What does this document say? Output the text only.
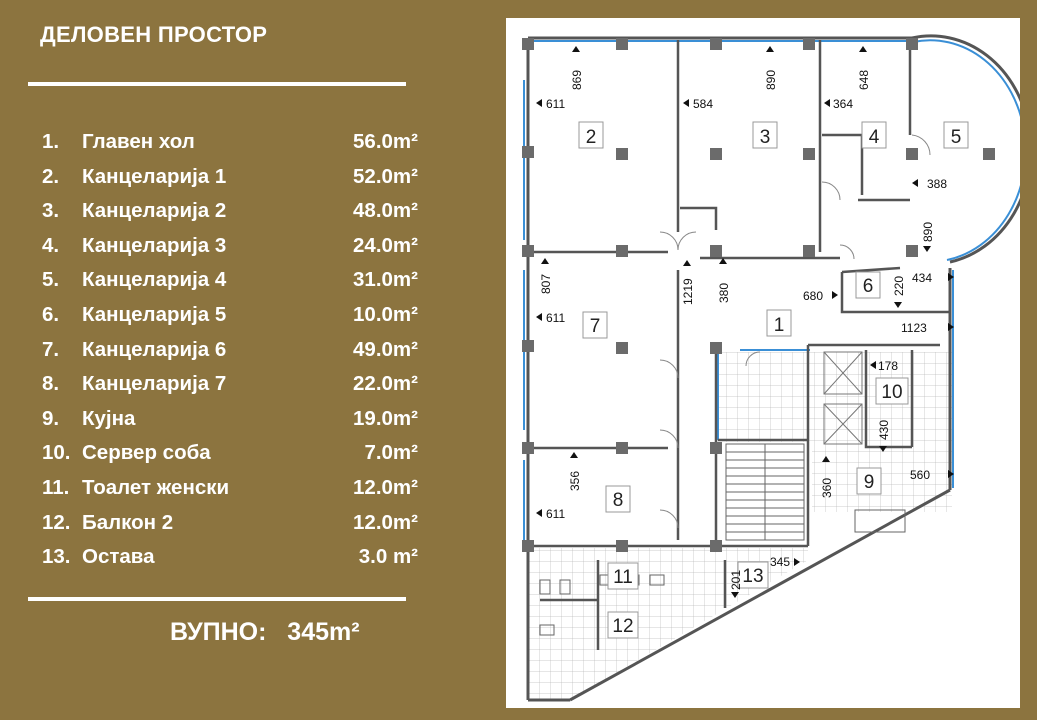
ДЕЛОВЕН ПРОСТОР
1. Главен хол	56.0m²
2. Канцеларија 1	52.0m²
3. Канцеларија 2	48.0m²
4. Канцеларија 3	24.0m²
5. Канцеларија 4	31.0m²
6. Канцеларија 5	10.0m²
7. Канцеларија 6	49.0m²
8. Канцеларија 7	22.0m²
9. Кујна	19.0m²
10. Сервер соба	7.0m²
11. Тоалет женски	12.0m²
12. Балкон 2	12.0m²
13. Остава	3.0 m²
ВУПНО: 345m²
2	3	4	5
6
7	1
8
9
10
11
12
13
869
611
890
584
648
364
388
890
434
220
680
1219 380
807
611
1123
178
430
356
611
360
560
201
345
